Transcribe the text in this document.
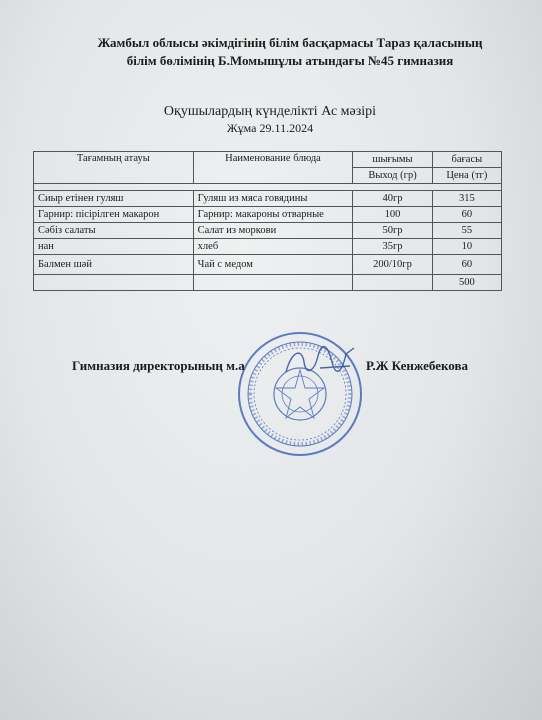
Жамбыл облысы әкімдігінің білім басқармасы Тараз қаласының
білім бөлімінің Б.Момышұлы атындағы №45 гимназия
Оқушылардың күнделікті Ас мәзірі
Жұма 29.11.2024
Тағамның атауы	Наименование блюда	шығымы	бағасы
		Выход (гр)	Цена (тг)

Сиыр етінен гуляш	Гуляш из мяса говядины	40гр	315
Гарнир: пісірілген макарон	Гарнир: макароны отварные	100	60
Сәбіз салаты	Салат из моркови	50гр	55
нан	хлеб	35гр	10
Балмен шәй	Чай с медом	200/10гр	60
			500
Гимназия директорының м.а	Р.Ж Кенжебекова
